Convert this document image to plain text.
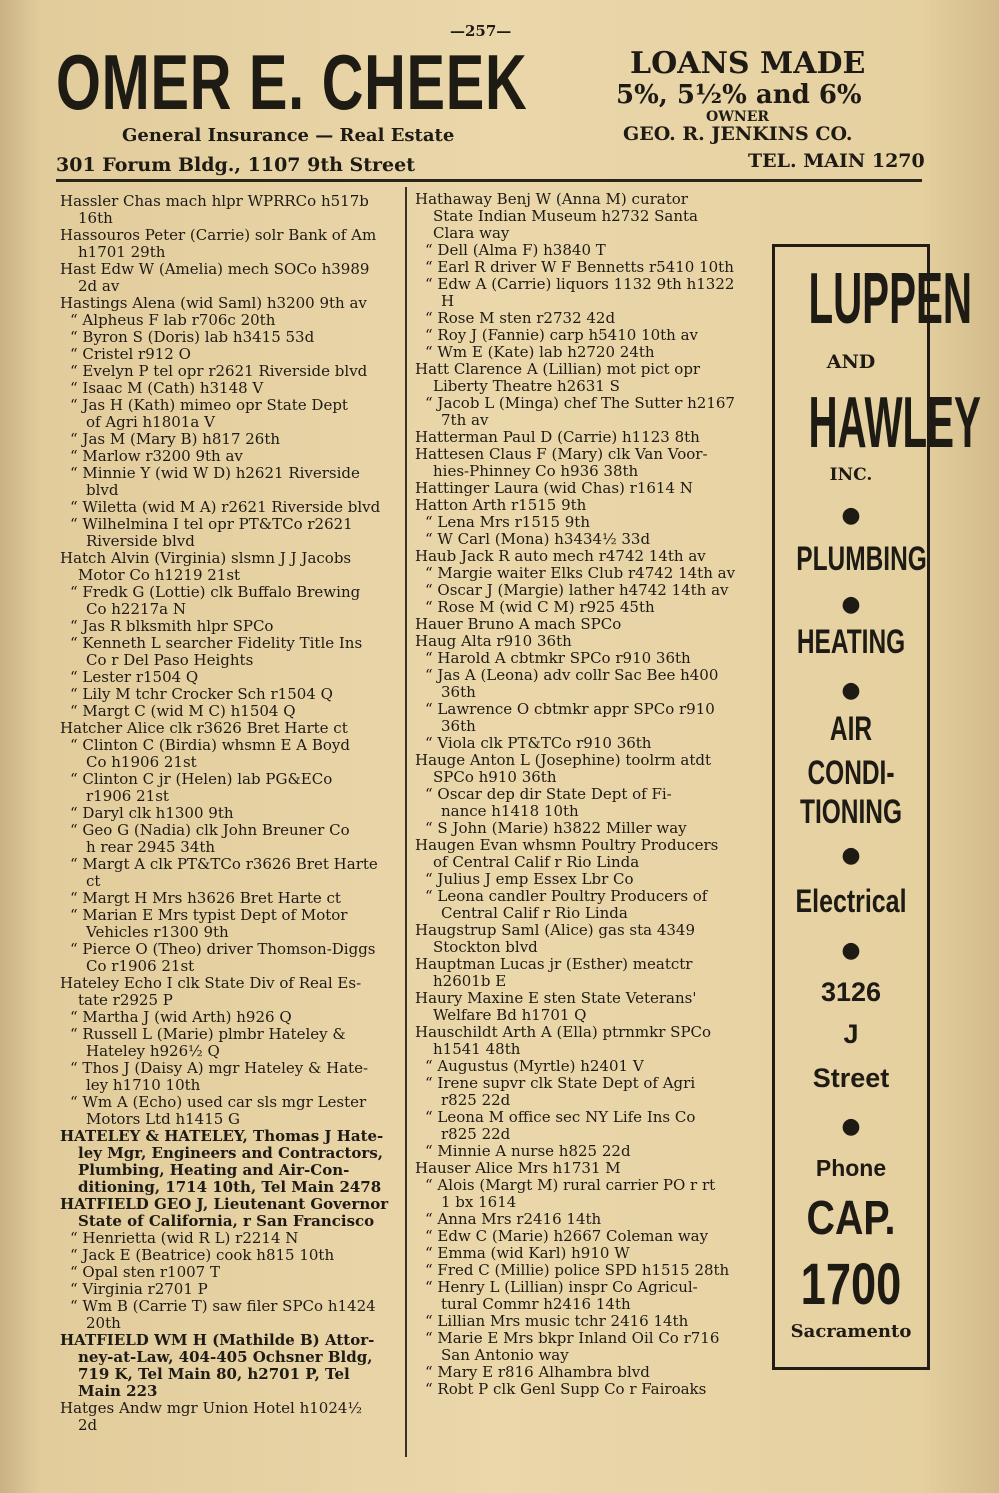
—257—
OMER E. CHEEK
General Insurance — Real Estate
301 Forum Bldg., 1107 9th Street
LOANS MADE
5%, 5½% and 6%
OWNER
GEO. R. JENKINS CO.
TEL. MAIN 1270
Hassler Chas mach hlpr WPRRCo h517b
16th
Hassouros Peter (Carrie) solr Bank of Am
h1701 29th
Hast Edw W (Amelia) mech SOCo h3989
2d av
Hastings Alena (wid Saml) h3200 9th av
“ Alpheus F lab r706c 20th
“ Byron S (Doris) lab h3415 53d
“ Cristel r912 O
“ Evelyn P tel opr r2621 Riverside blvd
“ Isaac M (Cath) h3148 V
“ Jas H (Kath) mimeo opr State Dept
of Agri h1801a V
“ Jas M (Mary B) h817 26th
“ Marlow r3200 9th av
“ Minnie Y (wid W D) h2621 Riverside
blvd
“ Wiletta (wid M A) r2621 Riverside blvd
“ Wilhelmina I tel opr PT&TCo r2621
Riverside blvd
Hatch Alvin (Virginia) slsmn J J Jacobs
Motor Co h1219 21st
“ Fredk G (Lottie) clk Buffalo Brewing
Co h2217a N
“ Jas R blksmith hlpr SPCo
“ Kenneth L searcher Fidelity Title Ins
Co r Del Paso Heights
“ Lester r1504 Q
“ Lily M tchr Crocker Sch r1504 Q
“ Margt C (wid M C) h1504 Q
Hatcher Alice clk r3626 Bret Harte ct
“ Clinton C (Birdia) whsmn E A Boyd
Co h1906 21st
“ Clinton C jr (Helen) lab PG&ECo
r1906 21st
“ Daryl clk h1300 9th
“ Geo G (Nadia) clk John Breuner Co
h rear 2945 34th
“ Margt A clk PT&TCo r3626 Bret Harte
ct
“ Margt H Mrs h3626 Bret Harte ct
“ Marian E Mrs typist Dept of Motor
Vehicles r1300 9th
“ Pierce O (Theo) driver Thomson-Diggs
Co r1906 21st
Hateley Echo I clk State Div of Real Es-
tate r2925 P
“ Martha J (wid Arth) h926 Q
“ Russell L (Marie) plmbr Hateley &
Hateley h926½ Q
“ Thos J (Daisy A) mgr Hateley & Hate-
ley h1710 10th
“ Wm A (Echo) used car sls mgr Lester
Motors Ltd h1415 G
HATELEY & HATELEY, Thomas J Hate-
ley Mgr, Engineers and Contractors,
Plumbing, Heating and Air-Con-
ditioning, 1714 10th, Tel Main 2478
HATFIELD GEO J, Lieutenant Governor
State of California, r San Francisco
“ Henrietta (wid R L) r2214 N
“ Jack E (Beatrice) cook h815 10th
“ Opal sten r1007 T
“ Virginia r2701 P
“ Wm B (Carrie T) saw filer SPCo h1424
20th
HATFIELD WM H (Mathilde B) Attor-
ney-at-Law, 404-405 Ochsner Bldg,
719 K, Tel Main 80, h2701 P, Tel
Main 223
Hatges Andw mgr Union Hotel h1024½
2d
Hathaway Benj W (Anna M) curator
State Indian Museum h2732 Santa
Clara way
“ Dell (Alma F) h3840 T
“ Earl R driver W F Bennetts r5410 10th
“ Edw A (Carrie) liquors 1132 9th h1322
H
“ Rose M sten r2732 42d
“ Roy J (Fannie) carp h5410 10th av
“ Wm E (Kate) lab h2720 24th
Hatt Clarence A (Lillian) mot pict opr
Liberty Theatre h2631 S
“ Jacob L (Minga) chef The Sutter h2167
7th av
Hatterman Paul D (Carrie) h1123 8th
Hattesen Claus F (Mary) clk Van Voor-
hies-Phinney Co h936 38th
Hattinger Laura (wid Chas) r1614 N
Hatton Arth r1515 9th
“ Lena Mrs r1515 9th
“ W Carl (Mona) h3434½ 33d
Haub Jack R auto mech r4742 14th av
“ Margie waiter Elks Club r4742 14th av
“ Oscar J (Margie) lather h4742 14th av
“ Rose M (wid C M) r925 45th
Hauer Bruno A mach SPCo
Haug Alta r910 36th
“ Harold A cbtmkr SPCo r910 36th
“ Jas A (Leona) adv collr Sac Bee h400
36th
“ Lawrence O cbtmkr appr SPCo r910
36th
“ Viola clk PT&TCo r910 36th
Hauge Anton L (Josephine) toolrm atdt
SPCo h910 36th
“ Oscar dep dir State Dept of Fi-
nance h1418 10th
“ S John (Marie) h3822 Miller way
Haugen Evan whsmn Poultry Producers
of Central Calif r Rio Linda
“ Julius J emp Essex Lbr Co
“ Leona candler Poultry Producers of
Central Calif r Rio Linda
Haugstrup Saml (Alice) gas sta 4349
Stockton blvd
Hauptman Lucas jr (Esther) meatctr
h2601b E
Haury Maxine E sten State Veterans'
Welfare Bd h1701 Q
Hauschildt Arth A (Ella) ptrnmkr SPCo
h1541 48th
“ Augustus (Myrtle) h2401 V
“ Irene supvr clk State Dept of Agri
r825 22d
“ Leona M office sec NY Life Ins Co
r825 22d
“ Minnie A nurse h825 22d
Hauser Alice Mrs h1731 M
“ Alois (Margt M) rural carrier PO r rt
1 bx 1614
“ Anna Mrs r2416 14th
“ Edw C (Marie) h2667 Coleman way
“ Emma (wid Karl) h910 W
“ Fred C (Millie) police SPD h1515 28th
“ Henry L (Lillian) inspr Co Agricul-
tural Commr h2416 14th
“ Lillian Mrs music tchr 2416 14th
“ Marie E Mrs bkpr Inland Oil Co r716
San Antonio way
“ Mary E r816 Alhambra blvd
“ Robt P clk Genl Supp Co r Fairoaks
LUPPEN
AND
HAWLEY
INC.
●
PLUMBING
●
HEATING
●
AIR
CONDI-
TIONING
●
Electrical
●
3126
J
Street
●
Phone
CAP.
1700
Sacramento
